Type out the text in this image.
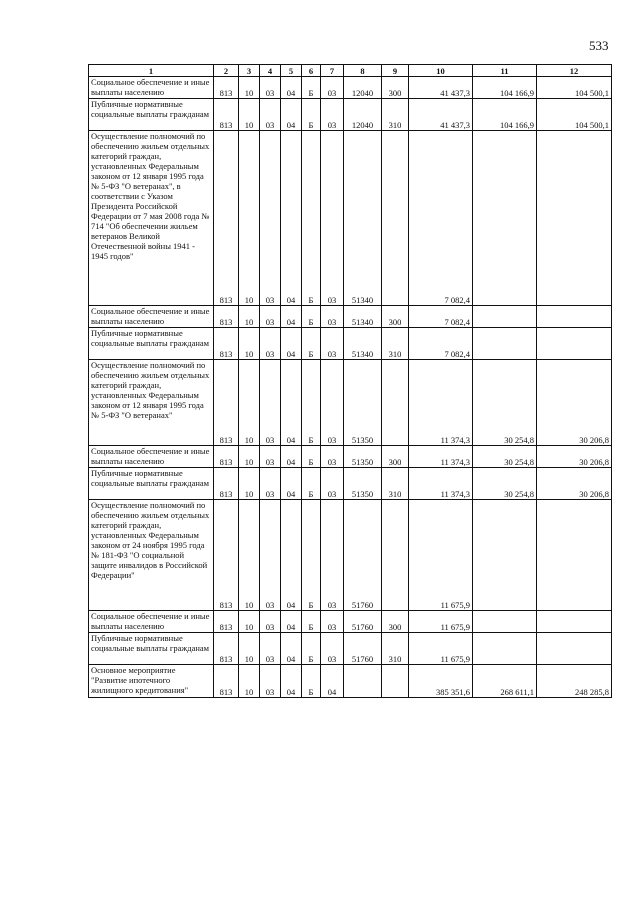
533
1	2	3	4	5	6	7	8	9	10	11	12

Социальное обеспечение и иные выплаты населению	813	10	03	04	Б	03	12040	300	41 437,3	104 166,9	104 500,1

Публичные нормативные социальные выплаты гражданам	813	10	03	04	Б	03	12040	310	41 437,3	104 166,9	104 500,1

Осуществление полномочий по обеспечению жильем отдельных категорий граждан, установленных Федеральным законом от 12 января 1995 года № 5-ФЗ "О ветеранах", в соответствии с Указом Президента Российской Федерации от 7 мая 2008 года № 714 "Об обеспечении жильем ветеранов Великой Отечественной войны 1941 - 1945 годов"	813	10	03	04	Б	03	51340		7 082,4		

Социальное обеспечение и иные выплаты населению	813	10	03	04	Б	03	51340	300	7 082,4		

Публичные нормативные социальные выплаты гражданам	813	10	03	04	Б	03	51340	310	7 082,4		

Осуществление полномочий по обеспечению жильем отдельных категорий граждан, установленных Федеральным законом от 12 января 1995 года № 5-ФЗ "О ветеранах"	813	10	03	04	Б	03	51350		11 374,3	30 254,8	30 206,8

Социальное обеспечение и иные выплаты населению	813	10	03	04	Б	03	51350	300	11 374,3	30 254,8	30 206,8

Публичные нормативные социальные выплаты гражданам	813	10	03	04	Б	03	51350	310	11 374,3	30 254,8	30 206,8

Осуществление полномочий по обеспечению жильем отдельных категорий граждан, установленных Федеральным законом от 24 ноября 1995 года № 181-ФЗ "О социальной защите инвалидов в Российской Федерации"	813	10	03	04	Б	03	51760		11 675,9		

Социальное обеспечение и иные выплаты населению	813	10	03	04	Б	03	51760	300	11 675,9		

Публичные нормативные социальные выплаты гражданам	813	10	03	04	Б	03	51760	310	11 675,9		

Основное мероприятие "Развитие ипотечного жилищного кредитования"	813	10	03	04	Б	04			385 351,6	268 611,1	248 285,8
